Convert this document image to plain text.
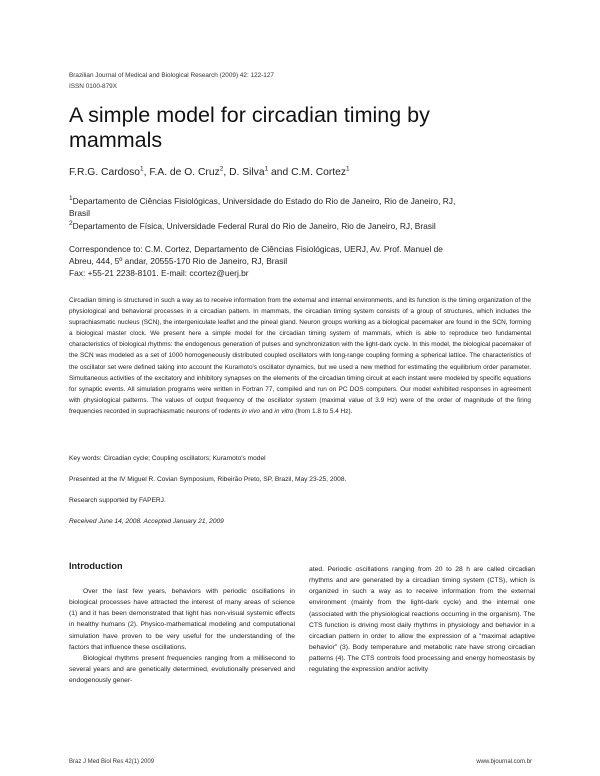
Brazilian Journal of Medical and Biological Research (2009) 42: 122-127
ISSN 0100-879X
A simple model for circadian timing by
mammals
F.R.G. Cardoso$^1$, F.A. de O. Cruz$^2$, D. Silva$^1$ and C.M. Cortez$^1$
$^1$Departamento de Ciências Fisiológicas, Universidade do Estado do Rio de Janeiro, Rio de Janeiro, RJ,
Brasil
$^2$Departamento de Física, Universidade Federal Rural do Rio de Janeiro, Rio de Janeiro, RJ, Brasil
Correspondence to: C.M. Cortez, Departamento de Ciências Fisiológicas, UERJ, Av. Prof. Manuel de
Abreu, 444, 5º andar, 20555-170 Rio de Janeiro, RJ, Brasil
Fax: +55-21 2238-8101. E-mail: ccortez@uerj.br
Circadian timing is structured in such a way as to receive information from the external and internal environments, and its function is the timing organization of the physiological and behavioral processes in a circadian pattern. In mammals, the circadian timing system consists of a group of structures, which includes the suprachiasmatic nucleus (SCN), the intergeniculate leaflet and the pineal gland. Neuron groups working as a biological pacemaker are found in the SCN, forming a biological master clock. We present here a simple model for the circadian timing system of mammals, which is able to reproduce two fundamental characteristics of biological rhythms: the endogenous generation of pulses and synchronization with the light-dark cycle. In this model, the biological pacemaker of the SCN was modeled as a set of 1000 homogeneously distributed coupled oscillators with long-range coupling forming a spherical lattice. The characteristics of the oscillator set were defined taking into account the Kuramoto's oscillator dynamics, but we used a new method for estimating the equilibrium order parameter. Simultaneous activities of the excitatory and inhibitory synapses on the elements of the circadian timing circuit at each instant were modeled by specific equations for synaptic events. All simulation programs were written in Fortran 77, compiled and run on PC DOS computers. Our model exhibited responses in agreement with physiological patterns. The values of output frequency of the oscillator system (maximal value of 3.9 Hz) were of the order of magnitude of the firing frequencies recorded in suprachiasmatic neurons of rodents in vivo and in vitro (from 1.8 to 5.4 Hz).
Key words: Circadian cycle; Coupling oscillators; Kuramoto's model
Presented at the IV Miguel R. Covian Symposium, Ribeirão Preto, SP, Brazil, May 23-25, 2008.
Research supported by FAPERJ.
Received June 14, 2008. Accepted January 21, 2009
Introduction

Over the last few years, behaviors with periodic oscillations in biological processes have attracted the interest of many areas of science (1) and it has been demonstrated that light has non-visual systemic effects in healthy humans (2). Physico-mathematical modeling and computational simulation have proven to be very useful for the understanding of the factors that influence these oscillations.

Biological rhythms present frequencies ranging from a millisecond to several years and are genetically determined, evolutionally preserved and endogenously gener-

ated. Periodic oscillations ranging from 20 to 28 h are called circadian rhythms and are generated by a circadian timing system (CTS), which is organized in such a way as to receive information from the external environment (mainly from the light-dark cycle) and the internal one (associated with the physiological reactions occurring in the organism). The CTS function is driving most daily rhythms in physiology and behavior in a circadian pattern in order to allow the expression of a “maximal adaptive behavior” (3). Body temperature and metabolic rate have strong circadian patterns (4). The CTS controls food processing and energy homeostasis by regulating the expression and/or activity

Braz J Med Biol Res 42(1) 2009	www.bjournal.com.br
